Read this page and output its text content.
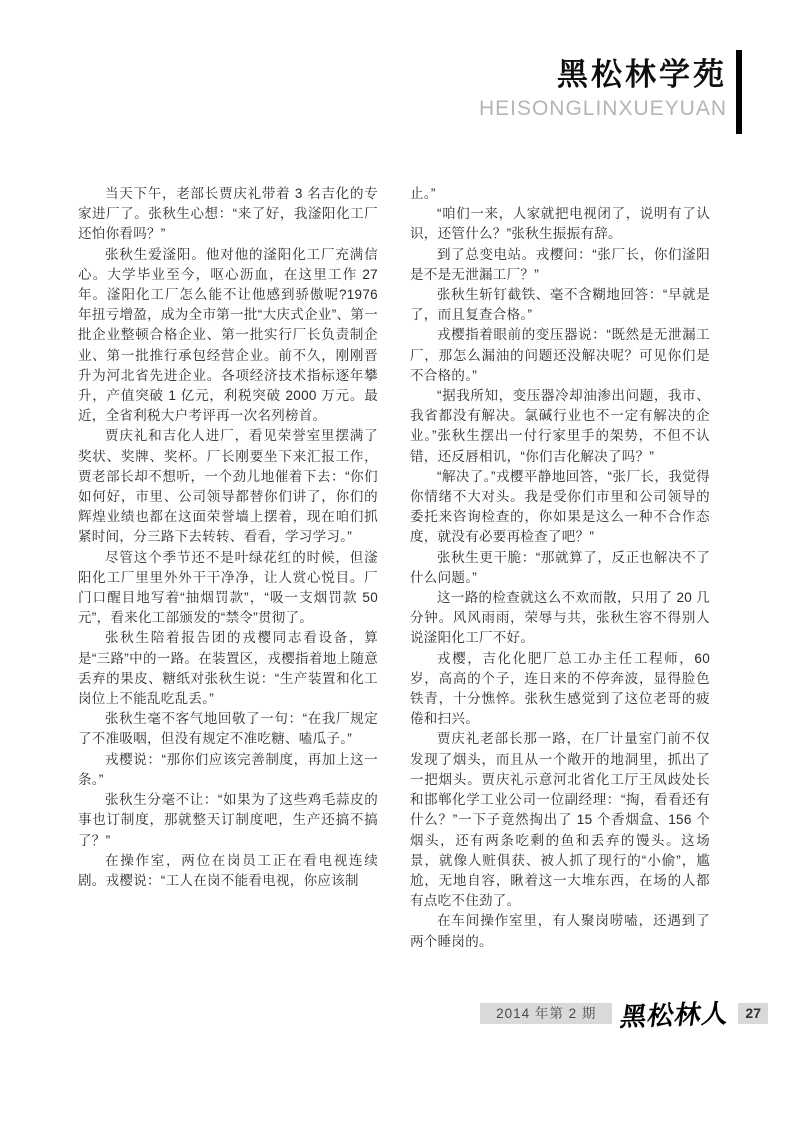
黑松林学苑
HEISONGLINXUEYUAN

当天下午，老部长贾庆礼带着 3 名吉化的专家进厂了。张秋生心想：“来了好，我滏阳化工厂还怕你看吗？”

张秋生爱滏阳。他对他的滏阳化工厂充满信心。大学毕业至今，呕心沥血，在这里工作 27 年。滏阳化工厂怎么能不让他感到骄傲呢?1976 年扭亏增盈，成为全市第一批“大庆式企业”、第一批企业整顿合格企业、第一批实行厂长负责制企业、第一批推行承包经营企业。前不久，刚刚晋升为河北省先进企业。各项经济技术指标逐年攀升，产值突破 1 亿元，利税突破 2000 万元。最近，全省利税大户考评再一次名列榜首。

贾庆礼和吉化人进厂，看见荣誉室里摆满了奖状、奖牌、奖杯。厂长刚要坐下来汇报工作，贾老部长却不想听，一个劲儿地催着下去：“你们如何好，市里、公司领导都替你们讲了，你们的辉煌业绩也都在这面荣誉墙上摆着，现在咱们抓紧时间，分三路下去转转、看看，学习学习。”

尽管这个季节还不是叶绿花红的时候，但滏阳化工厂里里外外干干净净，让人赏心悦目。厂门口醒目地写着“抽烟罚款”，“吸一支烟罚款 50 元”，看来化工部颁发的“禁令”贯彻了。

张秋生陪着报告团的戎樱同志看设备，算是“三路”中的一路。在装置区，戎樱指着地上随意丢弃的果皮、糖纸对张秋生说：“生产装置和化工岗位上不能乱吃乱丢。”

张秋生毫不客气地回敬了一句：“在我厂规定了不准吸咽，但没有规定不准吃糖、嗑瓜子。”

戎樱说：“那你们应该完善制度，再加上这一条。”

张秋生分毫不让：“如果为了这些鸡毛蒜皮的事也订制度，那就整天订制度吧，生产还搞不搞了？”

在操作室，两位在岗员工正在看电视连续剧。戎樱说：“工人在岗不能看电视，你应该制

止。”

“咱们一来，人家就把电视闭了，说明有了认识，还管什么？”张秋生振振有辞。

到了总变电站。戎樱问：“张厂长，你们滏阳是不是无泄漏工厂？”

张秋生斩钉截铁、毫不含糊地回答：“早就是了，而且复查合格。”

戎樱指着眼前的变压器说：“既然是无泄漏工厂，那怎么漏油的问题还没解决呢？可见你们是不合格的。”

“据我所知，变压器冷却油渗出问题，我市、我省都没有解决。氯碱行业也不一定有解决的企业。”张秋生摆出一付行家里手的架势，不但不认错，还反唇相讥，“你们吉化解决了吗？”

“解决了。”戎樱平静地回答，“张厂长，我觉得你情绪不大对头。我是受你们市里和公司领导的委托来咨询检查的，你如果是这么一种不合作态度，就没有必要再检查了吧？”

张秋生更干脆：“那就算了，反正也解决不了什么问题。”

这一路的检查就这么不欢而散，只用了 20 几分钟。风风雨雨，荣辱与共，张秋生容不得别人说滏阳化工厂不好。

戎樱，吉化化肥厂总工办主任工程师，60 岁，高高的个子，连日来的不停奔波，显得脸色铁青，十分憔悴。张秋生感觉到了这位老哥的疲倦和扫兴。

贾庆礼老部长那一路，在厂计量室门前不仅发现了烟头，而且从一个敞开的地洞里，抓出了一把烟头。贾庆礼示意河北省化工厅王凤歧处长和邯郸化学工业公司一位副经理：“掏，看看还有什么？”一下子竟然掏出了 15 个香烟盒、156 个烟头，还有两条吃剩的鱼和丢弃的馒头。这场景，就像人赃俱获、被人抓了现行的“小偷”，尴尬，无地自容，瞅着这一大堆东西，在场的人都有点吃不住劲了。

在车间操作室里，有人聚岗唠嗑，还遇到了两个睡岗的。

2014 年第 2 期 黑松林人 27
